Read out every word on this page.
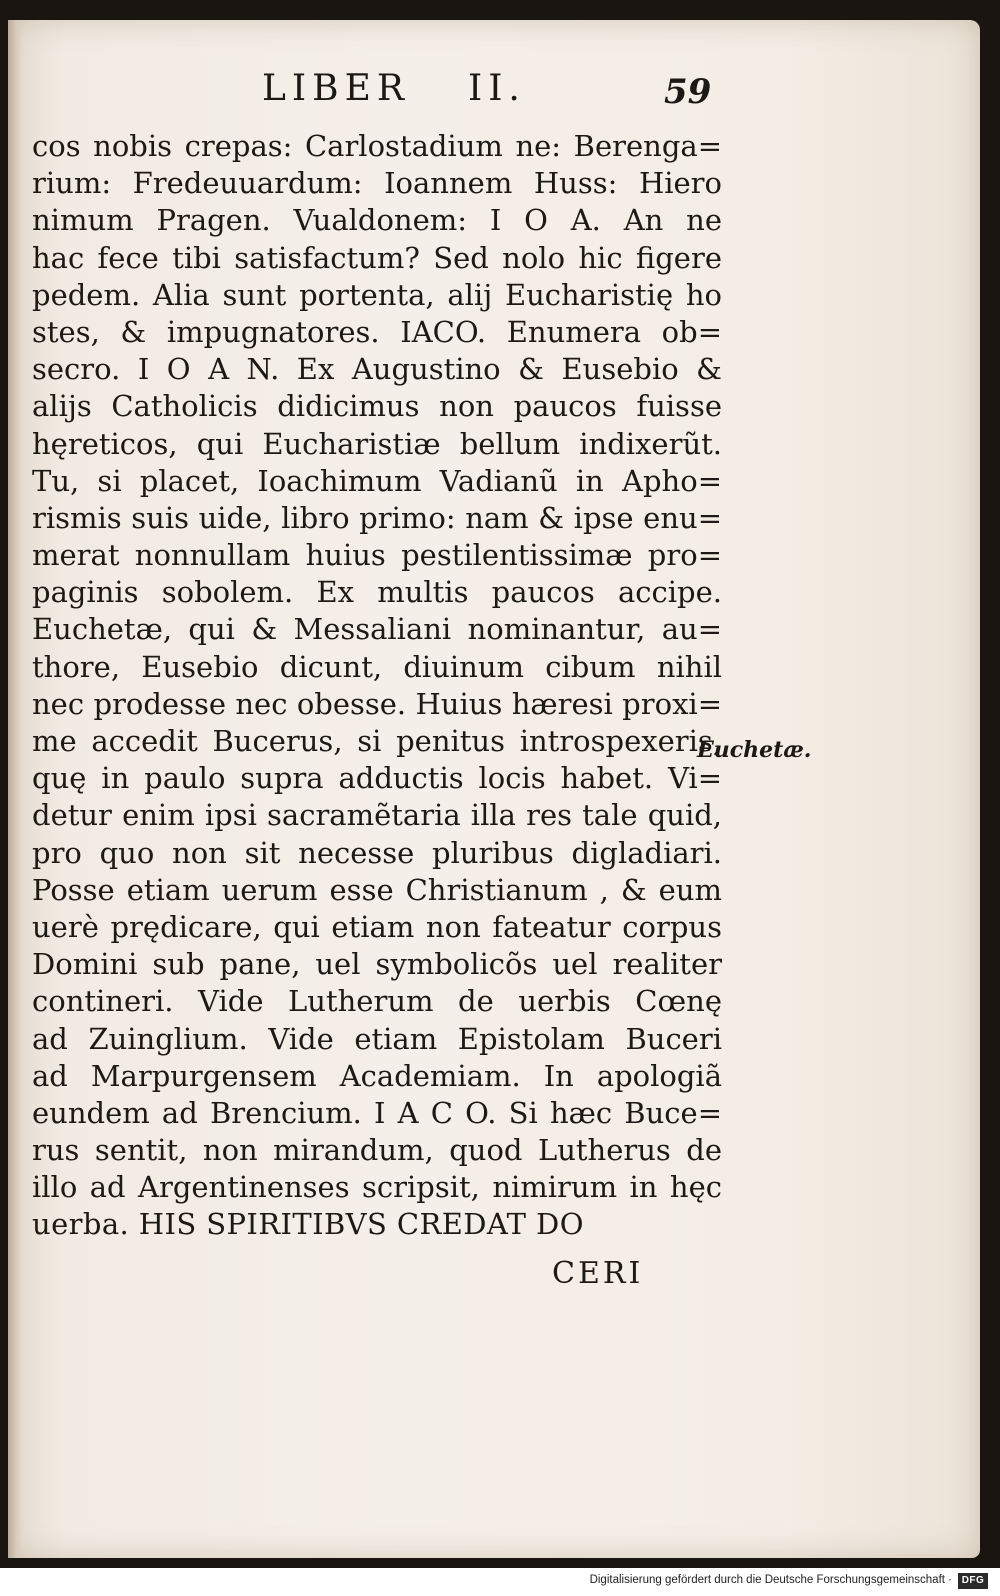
LIBER II.	59
cos nobis crepas: Carlostadium ne: Berenga=
rium: Fredeuuardum: Ioannem Huss: Hiero
nimum Pragen. Vualdonem: I O A. An ne
hac fece tibi satisfactum? Sed nolo hic figere
pedem. Alia sunt portenta, alij Eucharistię ho
stes, & impugnatores. IACO. Enumera ob=
secro. I O A N. Ex Augustino & Eusebio &
alijs Catholicis didicimus non paucos fuisse
hęreticos, qui Eucharistiæ bellum indixerũt.
Tu, si placet, Ioachimum Vadianũ in Apho=
rismis suis uide, libro primo: nam & ipse enu=
merat nonnullam huius pestilentissimæ pro=
paginis sobolem. Ex multis paucos accipe.
Euchetæ, qui & Messaliani nominantur, au=
thore, Eusebio dicunt, diuinum cibum nihil
nec prodesse nec obesse. Huius hæresi proxi=
me accedit Bucerus, si penitus introspexeris,
quę in paulo supra adductis locis habet. Vi=
detur enim ipsi sacramẽtaria illa res tale quid,
pro quo non sit necesse pluribus digladiari.
Posse etiam uerum esse Christianum , & eum
uerè prędicare, qui etiam non fateatur corpus
Domini sub pane, uel symbolicõs uel realiter
contineri. Vide Lutherum de uerbis Cœnę
ad Zuinglium. Vide etiam Epistolam Buceri
ad Marpurgensem Academiam. In apologiã
eundem ad Brencium. I A C O. Si hæc Buce=
rus sentit, non mirandum, quod Lutherus de
illo ad Argentinenses scripsit, nimirum in hęc
uerba. HIS SPIRITIBVS CREDAT DO
CERI
Euchetæ.
Digitalisierung gefördert durch die Deutsche Forschungsgemeinschaft · DFG
